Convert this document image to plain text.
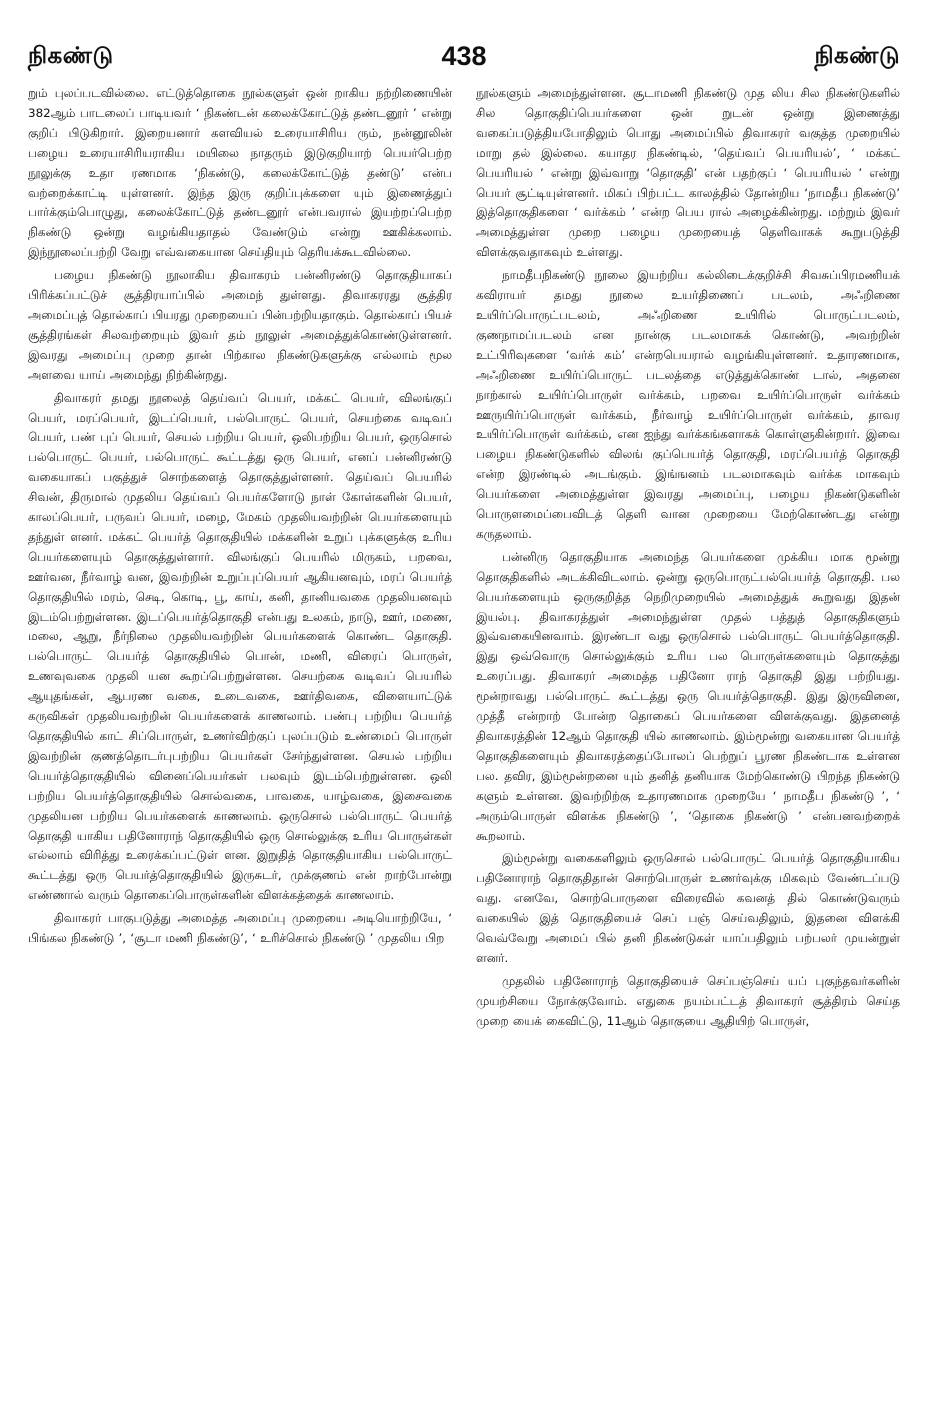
நிகண்டு	438	நிகண்டு

றும் புலப்படவில்லை. எட்டுத்தொகை நூல்களுள் ஒன் றாகிய நற்றிணையின் 382ஆம் பாடலைப் பாடியவர் ‘ நிகண்டன் கலைக்கோட்டுத் தண்டனூர் ’ என்று குறிப் பிடுகிறார். இறையனார் களவியல் உரையாசிரிய ரும், நன்னூலின் பழைய உரையாசிரியராகிய மயிலை நாதரும் இடுகுறியாற் பெயர்பெற்ற நூலுக்கு உதா ரணமாக ‘நிகண்டு, கலைக்கோட்டுத் தண்டு’ என்ப வற்றைக்காட்டி யுள்ளனர். இந்த இரு குறிப்புக்களை யும் இணைத்துப் பார்க்கும்பொழுது, கலைக்கோட்டுத் தண்டனூர் என்பவரால் இயற்றப்பெற்ற நிகண்டு ஒன்று வழங்கியதாதல் வேண்டும் என்று ஊகிக்கலாம். இந்நூலைப்பற்றி வேறு எவ்வகையான செய்தியும் தெரியக்கூடவில்லை.

பழைய நிகண்டு நூலாகிய திவாகரம் பன்னிரண்டு தொகுதியாகப் பிரிக்கப்பட்டுச் சூத்திரயாப்பில் அமைந் துள்ளது. திவாகரரது சூத்திர அமைப்புத் தொல்காப் பியரது முறையைப் பின்பற்றியதாகும். தொல்காப் பியச் சூத்திரங்கள் சிலவற்றையும் இவர் தம் நூலுள் அமைத்துக்கொண்டுள்ளனர். இவரது அமைப்பு முறை தான் பிற்கால நிகண்டுகளுக்கு எல்லாம் மூல அளவை யாய் அமைந்து நிற்கின்றது.

திவாகரர் தமது நூலைத் தெய்வப் பெயர், மக்கட் பெயர், விலங்குப் பெயர், மரப்பெயர், இடப்பெயர், பல்பொருட் பெயர், செயற்கை வடிவப் பெயர், பண் புப் பெயர், செயல் பற்றிய பெயர், ஒலிபற்றிய பெயர், ஒருசொல் பல்பொருட் பெயர், பல்பொருட் கூட்டத்து ஒரு பெயர், எனப் பன்னிரண்டு வகையாகப் பகுத்துச் சொற்களைத் தொகுத்துள்ளனர். தெய்வப் பெயரில் சிவன், திருமால் முதலிய தெய்வப் பெயர்களோடு நாள் கோள்களின் பெயர், காலப்பெயர், பருவப் பெயர், மழை, மேகம் முதலியவற்றின் பெயர்களையும் தந்துள் ளனர். மக்கட் பெயர்த் தொகுதியில் மக்களின் உறுப் புக்களுக்கு உரிய பெயர்களையும் தொகுத்துள்ளார். விலங்குப் பெயரில் மிருகம், பறவை, ஊர்வன, நீர்வாழ் வன, இவற்றின் உறுப்புப்பெயர் ஆகியனவும், மரப் பெயர்த் தொகுதியில் மரம், செடி, கொடி, பூ, காய், கனி, தானியவகை முதலியனவும் இடம்பெற்றுள்ளன. இடப்பெயர்த்தொகுதி என்பது உலகம், நாடு, ஊர், மணை, மலை, ஆறு, நீர்நிலை முதலியவற்றின் பெயர்களைக் கொண்ட தொகுதி. பல்பொருட் பெயர்த் தொகுதியில் பொன், மணி, விரைப் பொருள், உணவுவகை முதலி யன கூறப்பெற்றுள்ளன. செயற்கை வடிவப் பெயரில் ஆயுதங்கள், ஆபரண வகை, உடைவகை, ஊர்திவகை, விளையாட்டுக் கருவிகள் முதலியவற்றின் பெயர்களைக் காணலாம். பண்பு பற்றிய பெயர்த் தொகுதியில் காட் சிப்பொருள், உணர்விற்குப் புலப்படும் உண்மைப் பொருள் இவற்றின் குணத்தொடர்புபற்றிய பெயர்கள் சேர்ந்துள்ளன. செயல் பற்றிய பெயர்த்தொகுதியில் வினைப்பெயர்கள் பலவும் இடம்பெற்றுள்ளன. ஒலி பற்றிய பெயர்த்தொகுதியில் சொல்வகை, பாவகை, யாழ்வகை, இசைவகை முதலியன பற்றிய பெயர்களைக் காணலாம். ஒருசொல் பல்பொருட் பெயர்த் தொகுதி யாகிய பதினோராந் தொகுதியில் ஒரு சொல்லுக்கு உரிய பொருள்கள் எல்லாம் விரித்து உரைக்கப்பட்டுள் ளன. இறுதித் தொகுதியாகிய பல்பொருட் கூட்டத்து ஒரு பெயர்த்தொகுதியில் இருசுடர், முக்குணம் என் றாற்போன்று எண்ணால் வரும் தொகைப்பொருள்களின் விளக்கத்தைக் காணலாம்.

திவாகரர் பாகுபடுத்து அமைத்த அமைப்பு முறையை அடியொற்றியே, ‘ பிங்கல நிகண்டு ’, ‘சூடா மணி நிகண்டு’, ‘ உரிச்சொல் நிகண்டு ’ முதலிய பிற

நூல்களும் அமைந்துள்ளன. சூடாமணி நிகண்டு முத லிய சில நிகண்டுகளில் சில தொகுதிப்பெயர்களை ஒன் றுடன் ஒன்று இணைத்து வகைப்படுத்தியபோதிலும் பொது அமைப்பில் திவாகரர் வகுத்த முறையில் மாறு தல் இல்லை. கயாதர நிகண்டில், ‘தெய்வப் பெயரியல்’, ‘ மக்கட் பெயரியல் ’ என்று இவ்வாறு ‘தொகுதி’ என் பதற்குப் ‘ பெயரியல் ’ என்று பெயர் சூட்டியுள்ளனர். மிகப் பிற்பட்ட காலத்தில் தோன்றிய ‘நாமதீப நிகண்டு’ இத்தொகுதிகளை ‘ வர்க்கம் ’ என்ற பெய ரால் அழைக்கின்றது. மற்றும் இவர் அமைத்துள்ள முறை பழைய முறையைத் தெளிவாகக் கூறுபடுத்தி விளக்குவதாகவும் உள்ளது.

நாமதீபநிகண்டு நூலை இயற்றிய கல்லிடைக்குறிச்சி சிவசுப்பிரமணியக் கவிராயர் தமது நூலை உயர்திணைப் படலம், அஃறிணை உயிர்ப்பொருட்படலம், அஃறிணை உயிரில் பொருட்படலம், குணநாமப்படலம் என நான்கு படலமாகக் கொண்டு, அவற்றின் உட்பிரிவுகளை ‘வர்க் கம்’ என்றபெயரால் வழங்கியுள்ளனர். உதாரணமாக, அஃறிணை உயிர்ப்பொருட் படலத்தை எடுத்துக்கொண் டால், அதனை நாற்கால் உயிர்ப்பொருள் வர்க்கம், பறவை உயிர்ப்பொருள் வர்க்கம் ஊருயிர்ப்பொருள் வர்க்கம், நீர்வாழ் உயிர்ப்பொருள் வர்க்கம், தாவர உயிர்ப்பொருள் வர்க்கம், என ஐந்து வர்க்கங்களாகக் கொள்ளுகின்றார். இவை பழைய நிகண்டுகளில் விலங் குப்பெயர்த் தொகுதி, மரப்பெயர்த் தொகுதி என்ற இரண்டில் அடங்கும். இங்ஙனம் படலமாகவும் வர்க்க மாகவும் பெயர்களை அமைத்துள்ள இவரது அமைப்பு, பழைய நிகண்டுகளின் பொருளமைப்பைவிடத் தெளி வான முறையை மேற்கொண்டது என்று கருதலாம்.

பன்னிரு தொகுதியாக அமைந்த பெயர்களை முக்கிய மாக மூன்று தொகுதிகளில் அடக்கிவிடலாம். ஒன்று ஒருபொருட்பல்பெயர்த் தொகுதி. பல பெயர்களையும் ஒருகுறித்த நெறிமுறையில் அமைத்துக் கூறுவது இதன் இயல்பு. திவாகரத்துள் அமைந்துள்ள முதல் பத்துத் தொகுதிகளும் இவ்வகையினவாம். இரண்டா வது ஒருசொல் பல்பொருட் பெயர்த்தொகுதி. இது ஒவ்வொரு சொல்லுக்கும் உரிய பல பொருள்களையும் தொகுத்து உரைப்பது. திவாகரர் அமைத்த பதினோ ராந் தொகுதி இது பற்றியது. மூன்றாவது பல்பொருட் கூட்டத்து ஒரு பெயர்த்தொகுதி. இது இருவினை, முத்தீ என்றாற் போன்ற தொகைப் பெயர்களை விளக்குவது. இதனைத் திவாகரத்தின் 12ஆம் தொகுதி யில் காணலாம். இம்மூன்று வகையான பெயர்த் தொகுதிகளையும் திவாகரத்தைப்போலப் பெற்றுப் பூரண நிகண்டாக உள்ளன பல. தவிர, இம்மூன்றனை யும் தனித் தனியாக மேற்கொண்டு பிறந்த நிகண்டு களும் உள்ளன. இவற்றிற்கு உதாரணமாக முறையே ‘ நாமதீப நிகண்டு ’, ‘ அரும்பொருள் விளக்க நிகண்டு ’, ‘தொகை நிகண்டு ’ என்பனவற்றைக் கூறலாம்.

இம்மூன்று வகைகளிலும் ஒருசொல் பல்பொருட் பெயர்த் தொகுதியாகிய பதினோராந் தொகுதிதான் சொற்பொருள் உணர்வுக்கு மிகவும் வேண்டப்படு வது. எனவே, சொற்பொருளை விரைவில் கவனத் தில் கொண்டுவரும் வகையில் இத் தொகுதியைச் செப் பஞ் செய்வதிலும், இதனை விளக்கி வெவ்வேறு அமைப் பில் தனி நிகண்டுகள் யாப்பதிலும் பற்பலர் முயன்றுள் ளனர்.

முதலில் பதினோராந் தொகுதியைச் செப்பஞ்செய் யப் புகுந்தவர்களின் முயற்சியை நோக்குவோம். எதுகை நயம்பட்டத் திவாகரர் சூத்திரம் செய்த முறை யைக் கைவிட்டு, 11ஆம் தொகுயை ஆதியிற் பொருள்,
